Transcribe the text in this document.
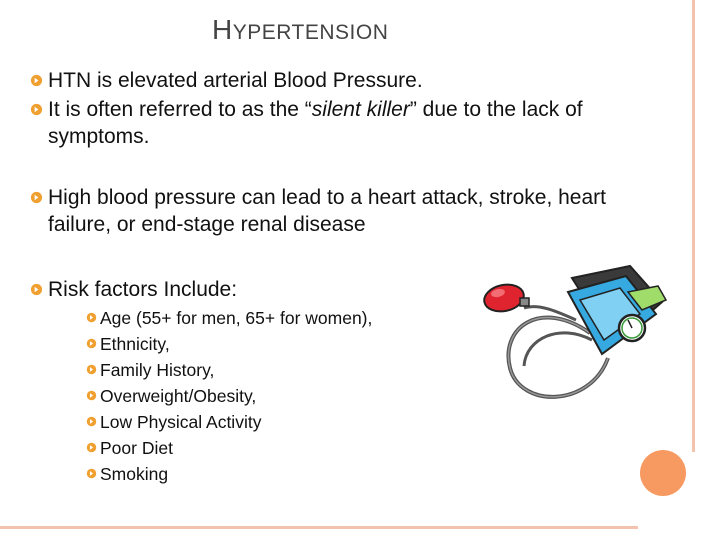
HYPERTENSION
HTN is elevated arterial Blood Pressure.
It is often referred to as the “silent killer” due to the lack of symptoms.
High blood pressure can lead to a heart attack, stroke, heart failure, or end-stage renal disease
Risk factors Include:
Age (55+ for men, 65+ for women),
Ethnicity,
Family History,
Overweight/Obesity,
Low Physical Activity
Poor Diet
Smoking
